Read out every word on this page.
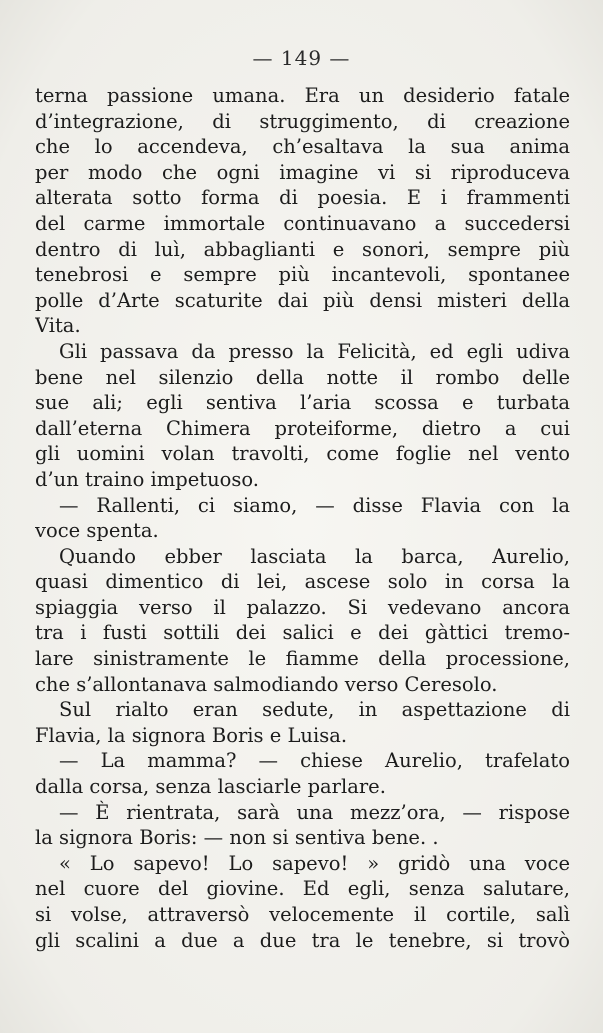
— 149 —
terna passione umana. Era un desiderio fatale
d’integrazione, di struggimento, di creazione
che lo accendeva, ch’esaltava la sua anima
per modo che ogni imagine vi si riproduceva
alterata sotto forma di poesia. E i frammenti
del carme immortale continuavano a succedersi
dentro di luì, abbaglianti e sonori, sempre più
tenebrosi e sempre più incantevoli, spontanee
polle d’Arte scaturite dai più densi misteri della
Vita.
Gli passava da presso la Felicità, ed egli udiva
bene nel silenzio della notte il rombo delle
sue ali; egli sentiva l’aria scossa e turbata
dall’eterna Chimera proteiforme, dietro a cui
gli uomini volan travolti, come foglie nel vento
d’un traino impetuoso.
— Rallenti, ci siamo, — disse Flavia con la
voce spenta.
Quando ebber lasciata la barca, Aurelio,
quasi dimentico di lei, ascese solo in corsa la
spiaggia verso il palazzo. Si vedevano ancora
tra i fusti sottili dei salici e dei gàttici tremo-
lare sinistramente le fiamme della processione,
che s’allontanava salmodiando verso Ceresolo.
Sul rialto eran sedute, in aspettazione di
Flavia, la signora Boris e Luisa.
— La mamma? — chiese Aurelio, trafelato
dalla corsa, senza lasciarle parlare.
— È rientrata, sarà una mezz’ora, — rispose
la signora Boris: — non si sentiva bene. .
« Lo sapevo! Lo sapevo! » gridò una voce
nel cuore del giovine. Ed egli, senza salutare,
si volse, attraversò velocemente il cortile, salì
gli scalini a due a due tra le tenebre, si trovò
